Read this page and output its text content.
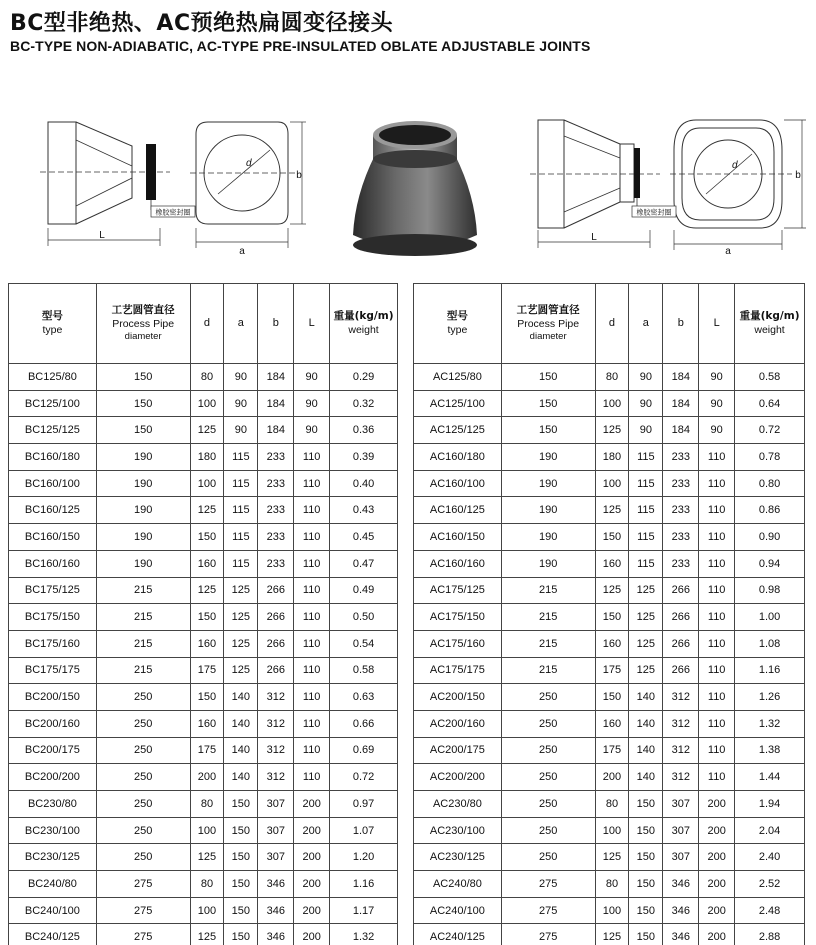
BC型非绝热、AC预绝热扁圆变径接头
BC-TYPE NON-ADIABATIC, AC-TYPE PRE-INSULATED OBLATE ADJUSTABLE JOINTS
橡胶密封圈
L
a
b
d
橡胶密封圈
L
a
b
d
型号
type	工艺圆管直径
Process Pipe
diameter	d	a	b	L	重量(kg/m)
weight

BC125/80	150	80	90	184	90	0.29
BC125/100	150	100	90	184	90	0.32
BC125/125	150	125	90	184	90	0.36
BC160/180	190	180	115	233	110	0.39
BC160/100	190	100	115	233	110	0.40
BC160/125	190	125	115	233	110	0.43
BC160/150	190	150	115	233	110	0.45
BC160/160	190	160	115	233	110	0.47
BC175/125	215	125	125	266	110	0.49
BC175/150	215	150	125	266	110	0.50
BC175/160	215	160	125	266	110	0.54
BC175/175	215	175	125	266	110	0.58
BC200/150	250	150	140	312	110	0.63
BC200/160	250	160	140	312	110	0.66
BC200/175	250	175	140	312	110	0.69
BC200/200	250	200	140	312	110	0.72
BC230/80	250	80	150	307	200	0.97
BC230/100	250	100	150	307	200	1.07
BC230/125	250	125	150	307	200	1.20
BC240/80	275	80	150	346	200	1.16
BC240/100	275	100	150	346	200	1.17
BC240/125	275	125	150	346	200	1.32
型号
type	工艺圆管直径
Process Pipe
diameter	d	a	b	L	重量(kg/m)
weight

AC125/80	150	80	90	184	90	0.58
AC125/100	150	100	90	184	90	0.64
AC125/125	150	125	90	184	90	0.72
AC160/180	190	180	115	233	110	0.78
AC160/100	190	100	115	233	110	0.80
AC160/125	190	125	115	233	110	0.86
AC160/150	190	150	115	233	110	0.90
AC160/160	190	160	115	233	110	0.94
AC175/125	215	125	125	266	110	0.98
AC175/150	215	150	125	266	110	1.00
AC175/160	215	160	125	266	110	1.08
AC175/175	215	175	125	266	110	1.16
AC200/150	250	150	140	312	110	1.26
AC200/160	250	160	140	312	110	1.32
AC200/175	250	175	140	312	110	1.38
AC200/200	250	200	140	312	110	1.44
AC230/80	250	80	150	307	200	1.94
AC230/100	250	100	150	307	200	2.04
AC230/125	250	125	150	307	200	2.40
AC240/80	275	80	150	346	200	2.52
AC240/100	275	100	150	346	200	2.48
AC240/125	275	125	150	346	200	2.88
